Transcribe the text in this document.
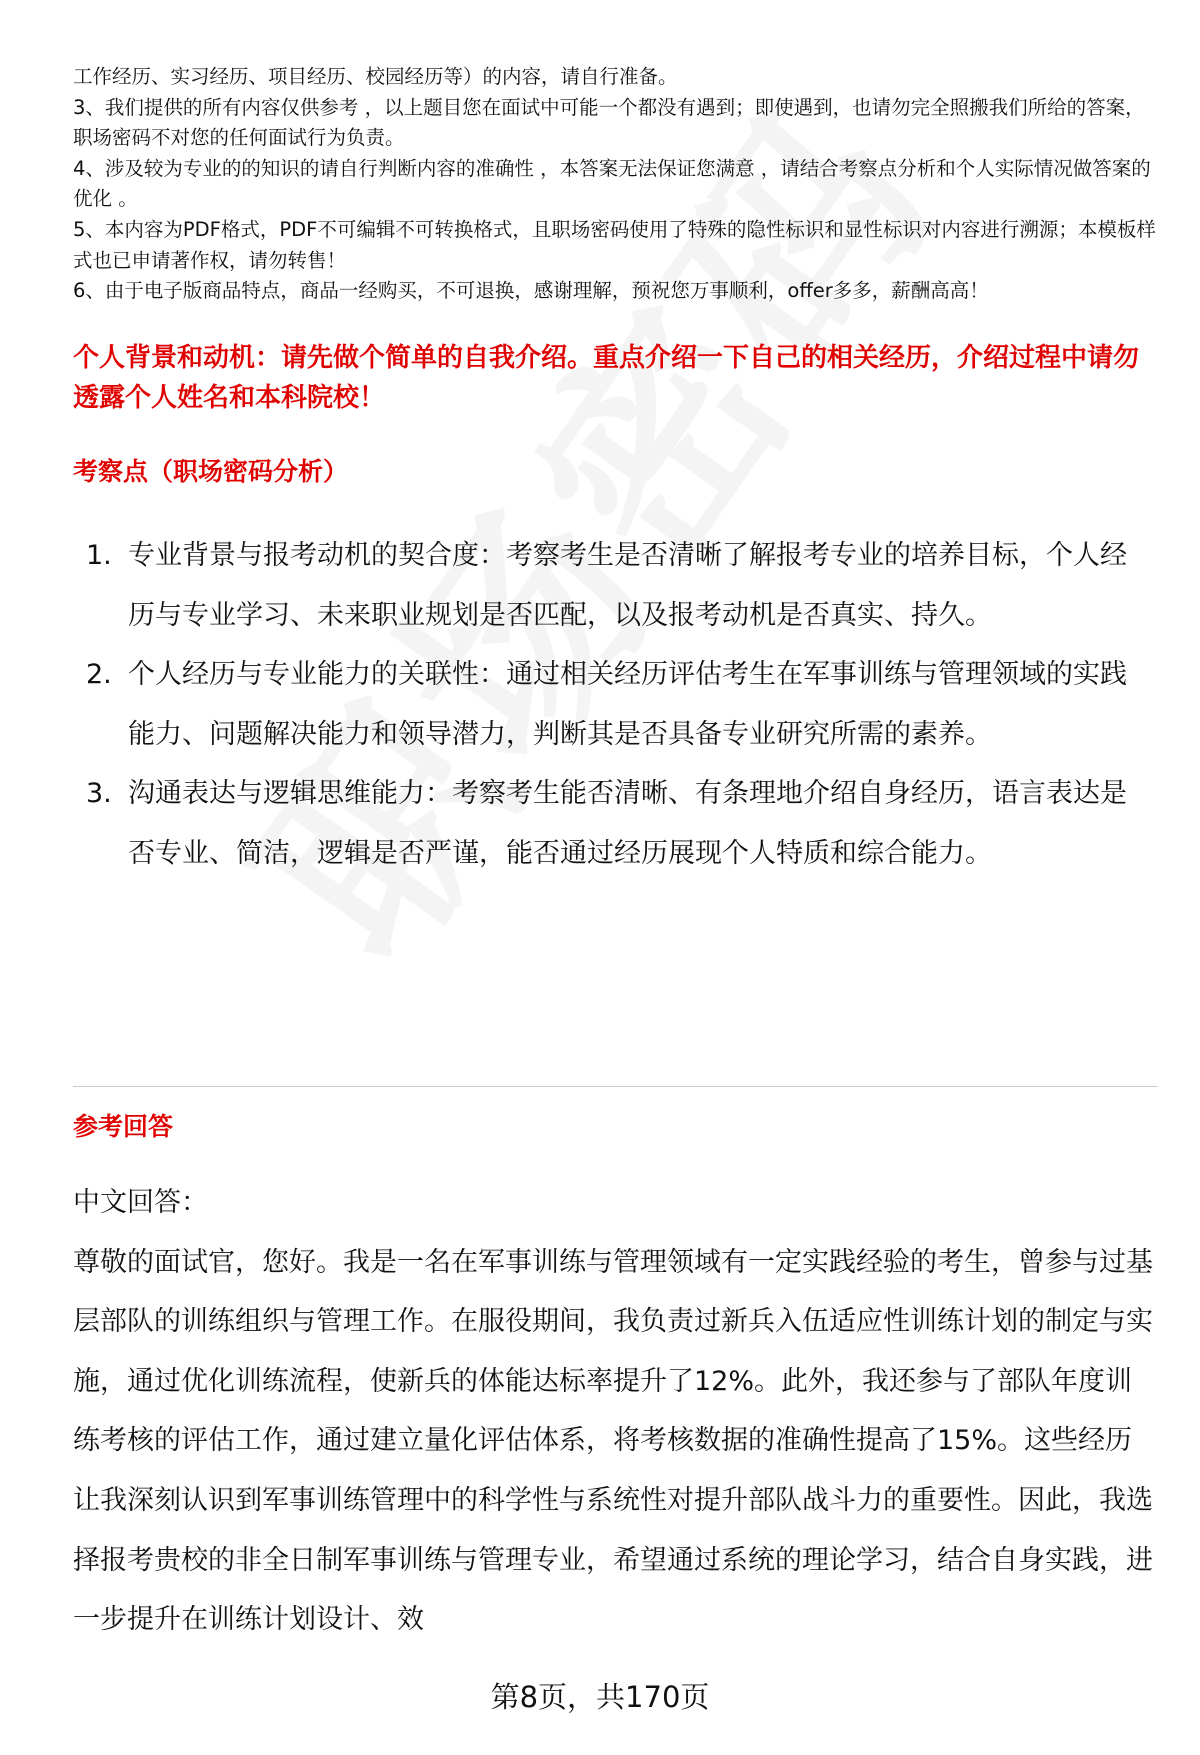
工作经历、实习经历、项目经历、校园经历等）的内容，请自行准备。

3、我们提供的所有内容仅供参考 ，以上题目您在面试中可能一个都没有遇到；即使遇到，也请勿完全照搬我们所给的答案，职场密码不对您的任何面试行为负责。

4、涉及较为专业的的知识的请自行判断内容的准确性 ，本答案无法保证您满意 ，请结合考察点分析和个人实际情况做答案的优化 。

5、本内容为PDF格式，PDF不可编辑不可转换格式，且职场密码使用了特殊的隐性标识和显性标识对内容进行溯源；本模板样式也已申请著作权，请勿转售！

6、由于电子版商品特点，商品一经购买，不可退换，感谢理解，预祝您万事顺利，offer多多，薪酬高高！

个人背景和动机：请先做个简单的自我介绍。重点介绍一下自己的相关经历，介绍过程中请勿透露个人姓名和本科院校！
考察点（职场密码分析）
1. 专业背景与报考动机的契合度：考察考生是否清晰了解报考专业的培养目标，个人经历与专业学习、未来职业规划是否匹配，以及报考动机是否真实、持久。
2. 个人经历与专业能力的关联性：通过相关经历评估考生在军事训练与管理领域的实践能力、问题解决能力和领导潜力，判断其是否具备专业研究所需的素养。
3. 沟通表达与逻辑思维能力：考察考生能否清晰、有条理地介绍自身经历，语言表达是否专业、简洁，逻辑是否严谨，能否通过经历展现个人特质和综合能力。
参考回答

中文回答：

尊敬的面试官，您好。我是一名在军事训练与管理领域有一定实践经验的考生，曾参与过基层部队的训练组织与管理工作。在服役期间，我负责过新兵入伍适应性训练计划的制定与实施，通过优化训练流程，使新兵的体能达标率提升了12%。此外，我还参与了部队年度训练考核的评估工作，通过建立量化评估体系，将考核数据的准确性提高了15%。这些经历让我深刻认识到军事训练管理中的科学性与系统性对提升部队战斗力的重要性。因此，我选择报考贵校的非全日制军事训练与管理专业，希望通过系统的理论学习，结合自身实践，进一步提升在训练计划设计、效

第8页，共170页
